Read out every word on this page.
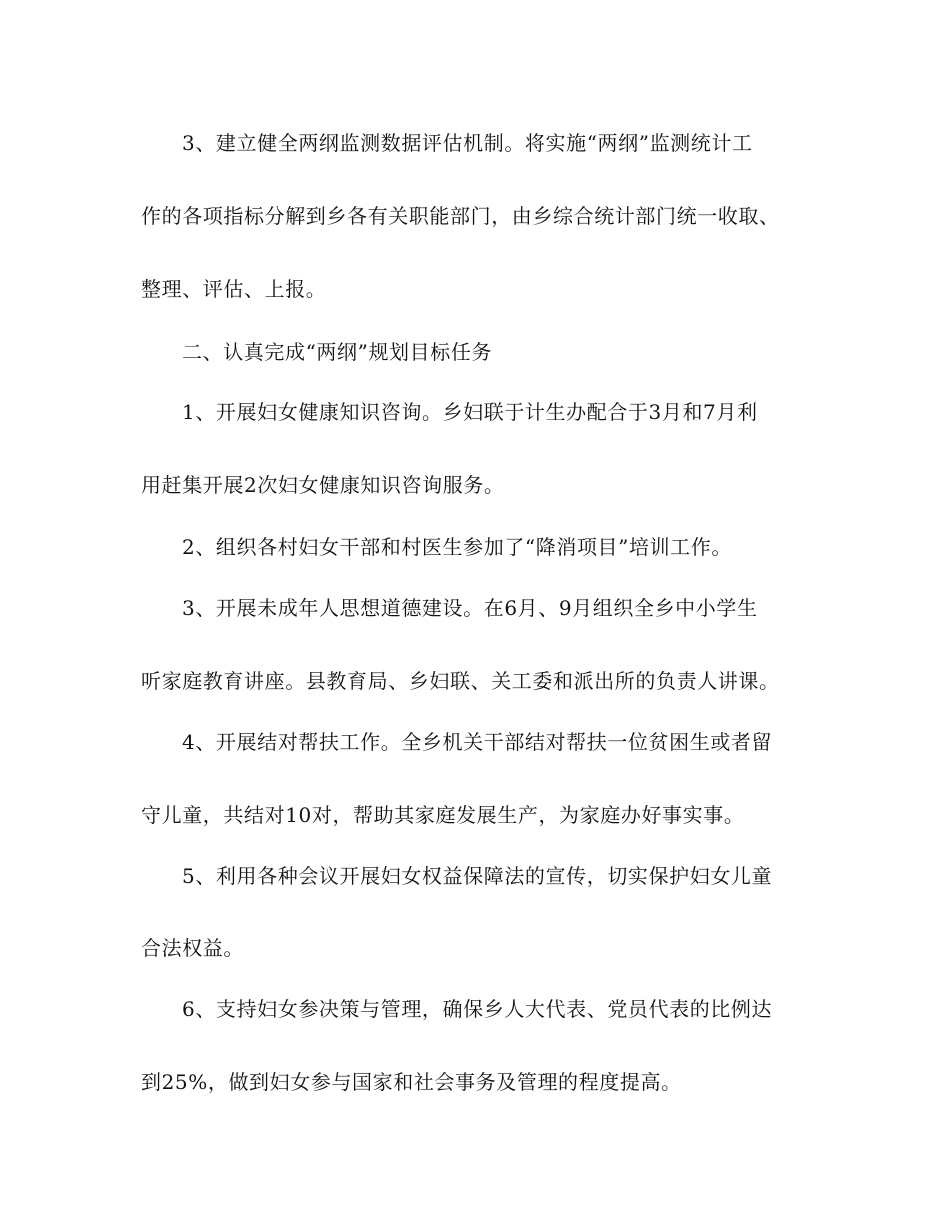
3、建立健全两纲监测数据评估机制。将实施“两纲”监测统计工
作的各项指标分解到乡各有关职能部门，由乡综合统计部门统一收取、
整理、评估、上报。
二、认真完成“两纲”规划目标任务
1、开展妇女健康知识咨询。乡妇联于计生办配合于3月和7月利
用赶集开展2次妇女健康知识咨询服务。
2、组织各村妇女干部和村医生参加了“降消项目”培训工作。
3、开展未成年人思想道德建设。在6月、9月组织全乡中小学生
听家庭教育讲座。县教育局、乡妇联、关工委和派出所的负责人讲课。
4、开展结对帮扶工作。全乡机关干部结对帮扶一位贫困生或者留
守儿童，共结对10对，帮助其家庭发展生产，为家庭办好事实事。
5、利用各种会议开展妇女权益保障法的宣传，切实保护妇女儿童
合法权益。
6、支持妇女参决策与管理，确保乡人大代表、党员代表的比例达
到25%，做到妇女参与国家和社会事务及管理的程度提高。
